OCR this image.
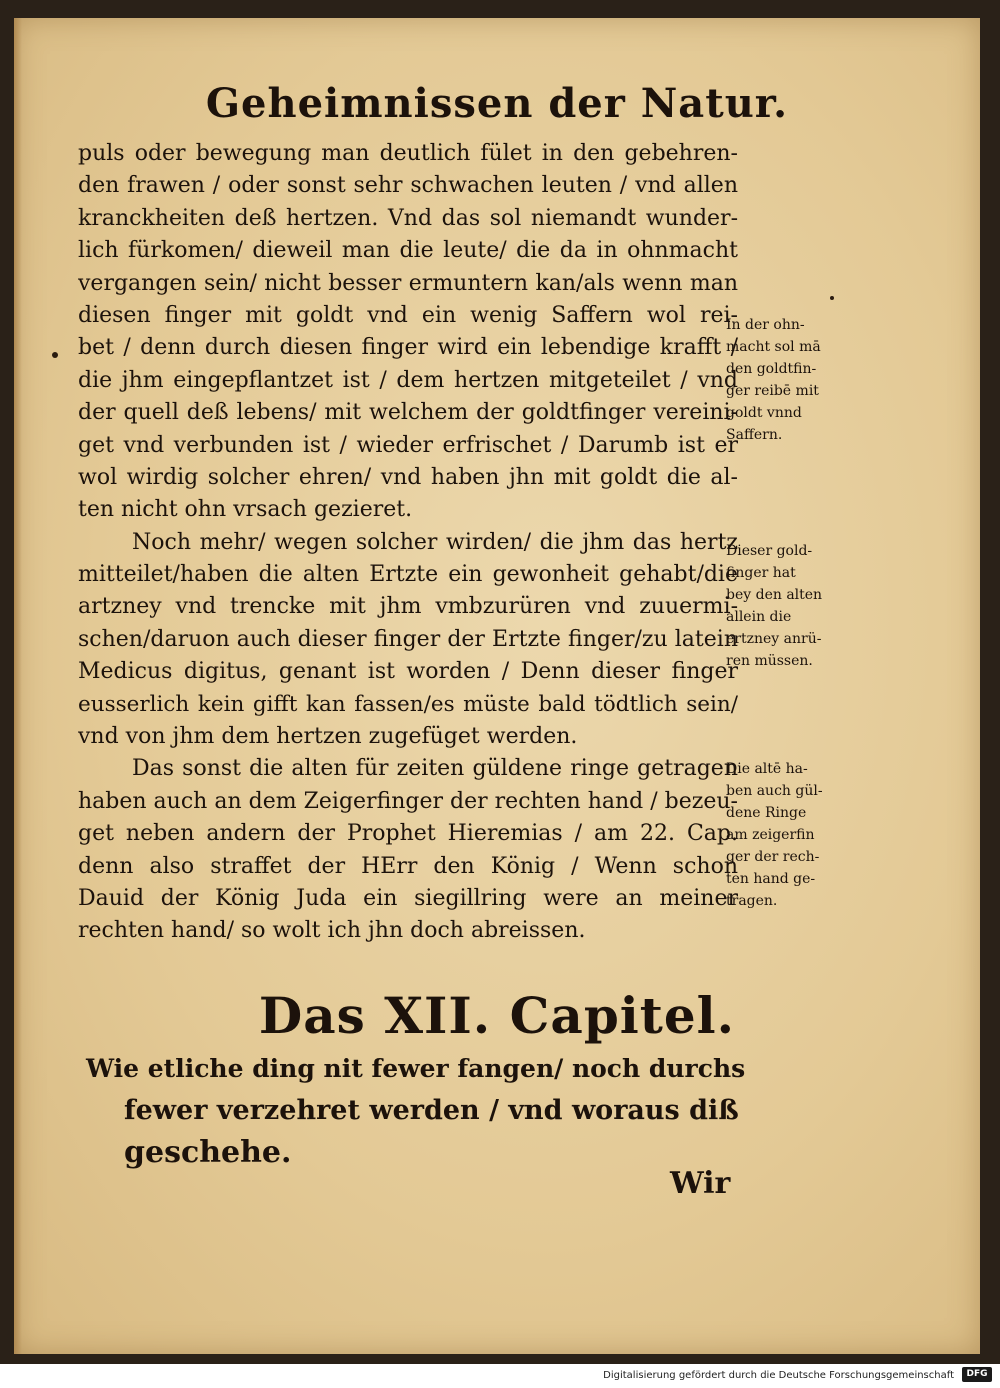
Geheimnissen der Natur.
puls oder bewegung man deutlich fület in den gebehren-
den frawen / oder sonst sehr schwachen leuten / vnd allen
kranckheiten deß hertzen. Vnd das sol niemandt wunder-
lich fürkomen/ dieweil man die leute/ die da in ohnmacht
vergangen sein/ nicht besser ermuntern kan/als wenn man
diesen finger mit goldt vnd ein wenig Saffern wol rei-
bet / denn durch diesen finger wird ein lebendige krafft /
die jhm eingepflantzet ist / dem hertzen mitgeteilet / vnd
der quell deß lebens/ mit welchem der goldtfinger vereini-
get vnd verbunden ist / wieder erfrischet / Darumb ist er
wol wirdig solcher ehren/ vnd haben jhn mit goldt die al-
ten nicht ohn vrsach gezieret.
Noch mehr/ wegen solcher wirden/ die jhm das hertz
mitteilet/haben die alten Ertzte ein gewonheit gehabt/die
artzney vnd trencke mit jhm vmbzurüren vnd zuuermi-
schen/daruon auch dieser finger der Ertzte finger/zu latein
Medicus digitus, genant ist worden / Denn dieser finger
eusserlich kein gifft kan fassen/es müste bald tödtlich sein/
vnd von jhm dem hertzen zugefüget werden.
Das sonst die alten für zeiten güldene ringe getragen
haben auch an dem Zeigerfinger der rechten hand / bezeu-
get neben andern der Prophet Hieremias / am 22. Cap.
denn also straffet der HErr den König / Wenn schon
Dauid der König Juda ein siegillring were an meiner
rechten hand/ so wolt ich jhn doch abreissen.
In der ohn-
macht sol mā
den goldtfin-
ger reibē mit
goldt vnnd
Saffern.
Dieser gold-
finger hat
bey den alten
allein die
ertzney anrü-
ren müssen.
Die altē ha-
ben auch gül-
dene Ringe
am zeigerfin
ger der rech-
ten hand ge-
tragen.
Das XII. Capitel.
Wie etliche ding nit fewer fangen/ noch durchs
fewer verzehret werden / vnd woraus diß
geschehe.
Wir
Digitalisierung gefördert durch die Deutsche Forschungsgemeinschaft	DFG
